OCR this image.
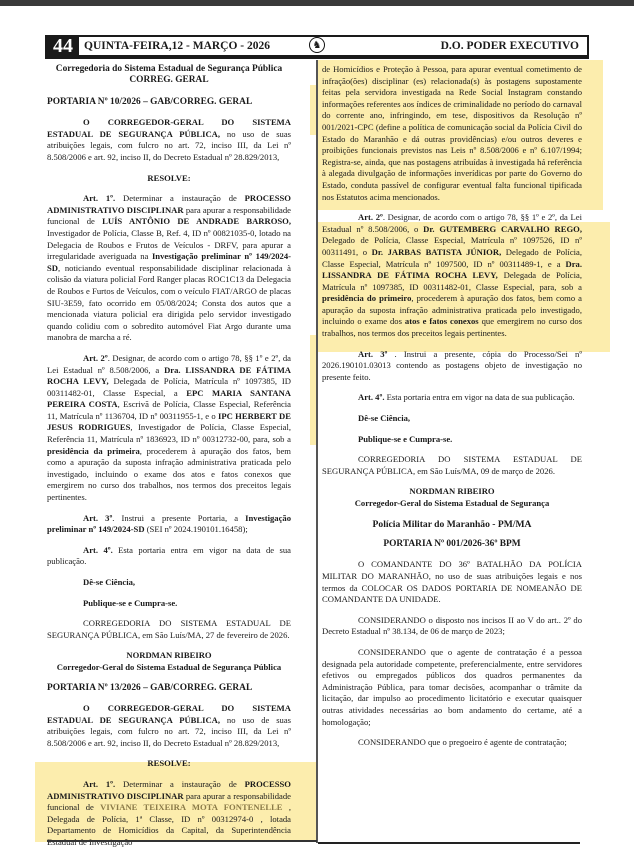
44 QUINTA-FEIRA,12 - MARÇO - 2026	♞	D.O. PODER EXECUTIVO
Corregedoria do Sistema Estadual de Segurança Pública
CORREG. GERAL

PORTARIA Nº 10/2026 – GAB/CORREG. GERAL

O CORREGEDOR-GERAL DO SISTEMA ESTADUAL DE SEGURANÇA PÚBLICA, no uso de suas atribuições legais, com fulcro no art. 72, inciso III, da Lei nº 8.508/2006 e art. 92, inciso II, do Decreto Estadual nº 28.829/2013,

RESOLVE:

Art. 1º. Determinar a instauração de PROCESSO ADMINISTRATIVO DISCIPLINAR para apurar a responsabilidade funcional de LUÍS ANTÔNIO DE ANDRADE BARROSO, Investigador de Polícia, Classe B, Ref. 4, ID nº 00821035-0, lotado na Delegacia de Roubos e Frutos de Veículos - DRFV, para apurar a irregularidade averiguada na Investigação preliminar nº 149/2024-SD, noticiando eventual responsabilidade disciplinar relacionada à colisão da viatura policial Ford Ranger placas ROC1C13 da Delegacia de Roubos e Furtos de Veículos, com o veículo FIAT/ARGO de placas SIU-3E59, fato ocorrido em 05/08/2024; Consta dos autos que a mencionada viatura policial era dirigida pelo servidor investigado quando colidiu com o sobredito automóvel Fiat Argo durante uma manobra de marcha a ré.

Art. 2º. Designar, de acordo com o artigo 78, §§ 1º e 2º, da Lei Estadual nº 8.508/2006, a Dra. LISSANDRA DE FÁTIMA ROCHA LEVY, Delegada de Polícia, Matrícula nº 1097385, ID 00311482-01, Classe Especial, a EPC MARIA SANTANA PEREIRA COSTA, Escrivã de Polícia, Classe Especial, Referência 11, Matrícula nº 1136704, ID nº 00311955-1, e o IPC HERBERT DE JESUS RODRIGUES, Investigador de Polícia, Classe Especial, Referência 11, Matrícula nº 1836923, ID nº 00312732-00, para, sob a presidência da primeira, procederem à apuração dos fatos, bem como a apuração da suposta infração administrativa praticada pelo investigado, incluindo o exame dos atos e fatos conexos que emergirem no curso dos trabalhos, nos termos dos preceitos legais pertinentes.

Art. 3º. Instrui a presente Portaria, a Investigação preliminar nº 149/2024-SD (SEI nº 2024.190101.16458);

Art. 4º. Esta portaria entra em vigor na data de sua publicação.

Dê-se Ciência,

Publique-se e Cumpra-se.

CORREGEDORIA DO SISTEMA ESTADUAL DE SEGURANÇA PÚBLICA, em São Luís/MA, 27 de fevereiro de 2026.

NORDMAN RIBEIRO

Corregedor-Geral do Sistema Estadual de Segurança Pública

PORTARIA Nº 13/2026 – GAB/CORREG. GERAL

O CORREGEDOR-GERAL DO SISTEMA ESTADUAL DE SEGURANÇA PÚBLICA, no uso de suas atribuições legais, com fulcro no art. 72, inciso III, da Lei nº 8.508/2006 e art. 92, inciso II, do Decreto Estadual nº 28.829/2013,

RESOLVE:

Art. 1º. Determinar a instauração de PROCESSO ADMINISTRATIVO DISCIPLINAR para apurar a responsabilidade funcional de VIVIANE TEIXEIRA MOTA FONTENELLE , Delegada de Polícia, 1ª Classe, ID nº 00312974-0 , lotada Departamento de Homicídios da Capital, da Superintendência

de Homicídios e Proteção à Pessoa, para apurar eventual cometimento de infração(ões) disciplinar (es) relacionada(s) às postagens supostamente feitas pela servidora investigada na Rede Social Instagram constando informações referentes aos índices de criminalidade no período do carnaval do corrente ano, infringindo, em tese, dispositivos da Resolução nº 001/2021-CPC (define a política de comunicação social da Polícia Civil do Estado do Maranhão e dá outras providências) e/ou outros deveres e proibições funcionais previstos nas Leis nº 8.508/2006 e nº 6.107/1994; Registra-se, ainda, que nas postagens atribuídas à investigada há referência à alegada divulgação de informações inverídicas por parte do Governo do Estado, conduta passível de configurar eventual falta funcional tipificada nos Estatutos acima mencionados.

Art. 2º. Designar, de acordo com o artigo 78, §§ 1º e 2º, da Lei Estadual nº 8.508/2006, o Dr. GUTEMBERG CARVALHO REGO, Delegado de Polícia, Classe Especial, Matrícula nº 1097526, ID nº 00311491, o Dr. JARBAS BATISTA JÚNIOR, Delegado de Polícia, Classe Especial, Matrícula nº 1097500, ID nº 00311489-1, e a Dra. LISSANDRA DE FÁTIMA ROCHA LEVY, Delegada de Polícia, Matrícula nº 1097385, ID 00311482-01, Classe Especial, para, sob a presidência do primeiro, procederem à apuração dos fatos, bem como a apuração da suposta infração administrativa praticada pelo investigado, incluindo o exame dos atos e fatos conexos que emergirem no curso dos trabalhos, nos termos dos preceitos legais pertinentes.

Art. 3º . Instrui a presente, cópia do Processo/Sei nº 2026.190101.03013 contendo as postagens objeto de investigação no presente feito.

Art. 4º. Esta portaria entra em vigor na data de sua publicação.

Dê-se Ciência,

Publique-se e Cumpra-se.

CORREGEDORIA DO SISTEMA ESTADUAL DE SEGURANÇA PÚBLICA, em São Luís/MA, 09 de março de 2026.

NORDMAN RIBEIRO

Corregedor-Geral do Sistema Estadual de Segurança

Polícia Militar do Maranhão - PM/MA

PORTARIA Nº 001/2026-36º BPM

O COMANDANTE DO 36º BATALHÃO DA POLÍCIA MILITAR DO MARANHÃO, no uso de suas atribuições legais e nos termos da COLOCAR OS DADOS PORTARIA DE NOMEANÃO DE COMANDANTE DA UNIDADE.

CONSIDERANDO o disposto nos incisos II ao V do art.. 2º do Decreto Estadual nº 38.134, de 06 de março de 2023;

CONSIDERANDO que o agente de contratação é a pessoa designada pela autoridade competente, preferencialmente, entre servidores efetivos ou empregados públicos dos quadros permanentes da Administração Pública, para tomar decisões, acompanhar o trâmite da licitação, dar impulso ao procedimento licitatório e executar quaisquer outras atividades necessárias ao bom andamento do certame, até a homologação;

CONSIDERANDO que o pregoeiro é agente de contratação;
